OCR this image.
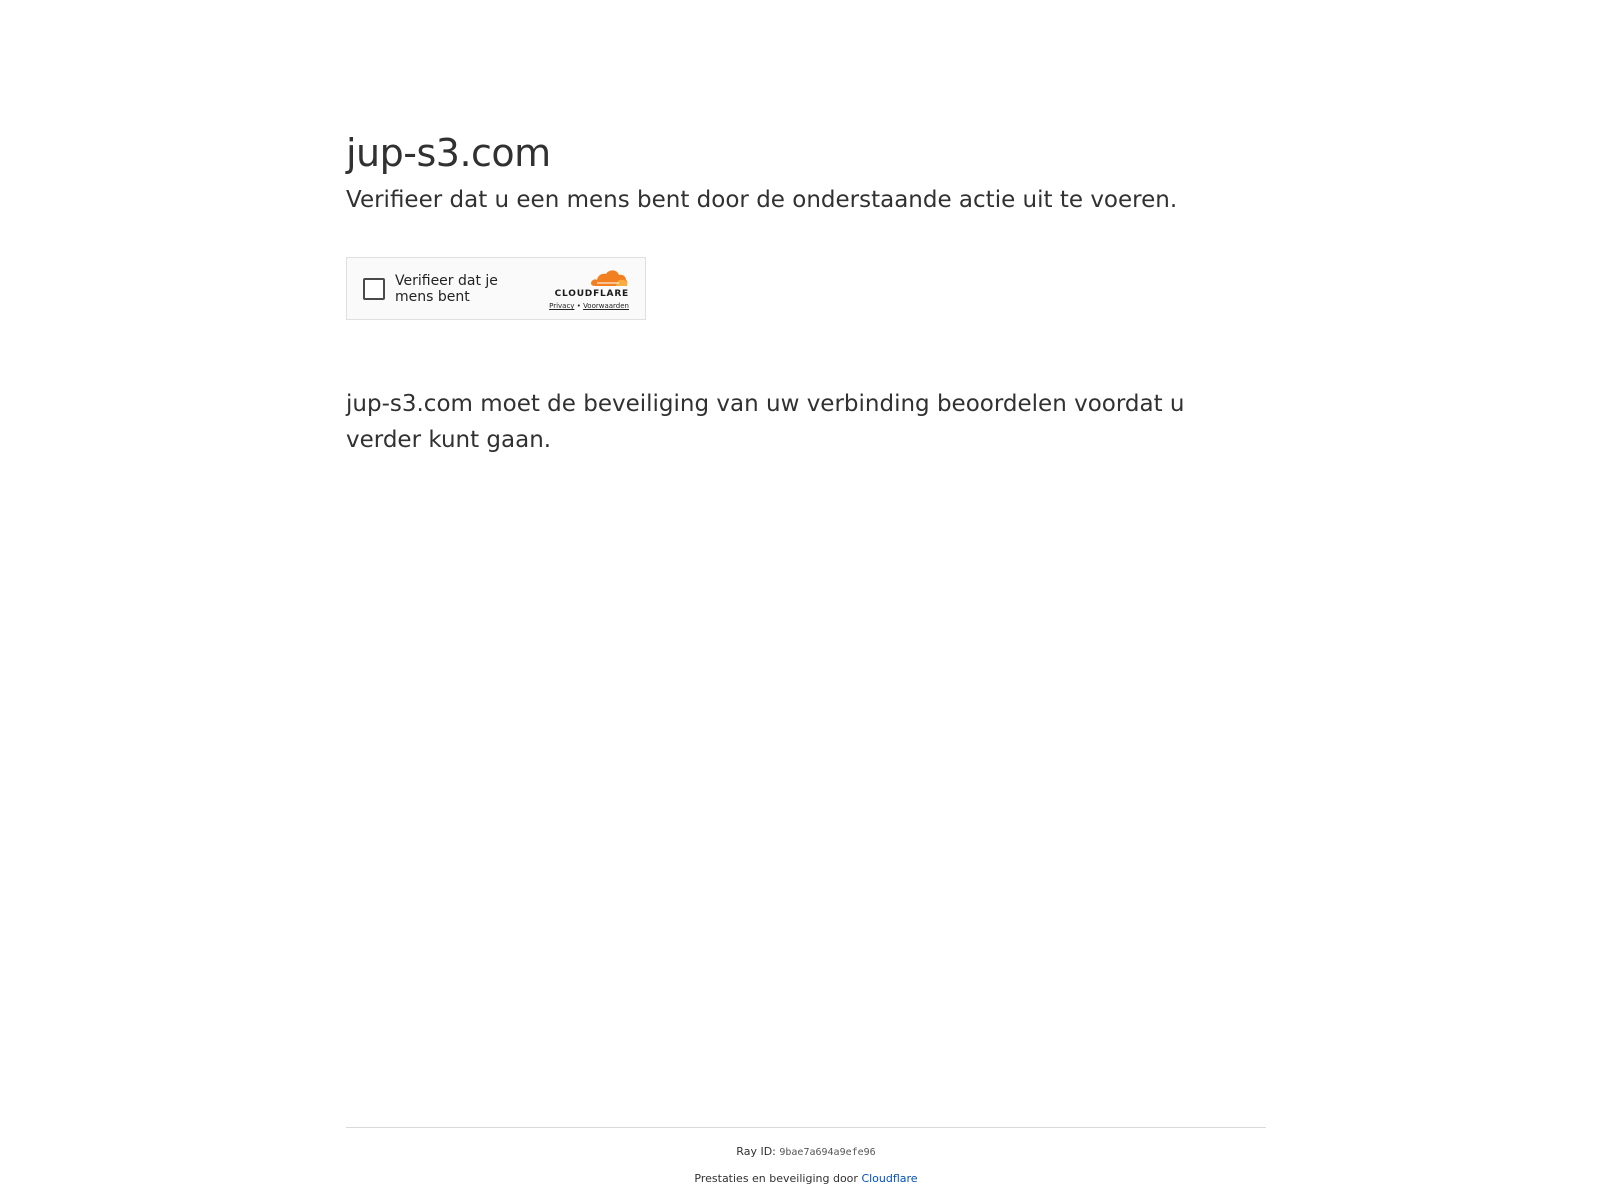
jup-s3.com

Verifieer dat u een mens bent door de onderstaande actie uit te voeren.

Verifieer dat je mens bent	CLOUDFLARE
Privacy • Voorwaarden

jup-s3.com moet de beveiliging van uw verbinding beoordelen voordat u verder kunt gaan.

Ray ID: 9bae7a694a9efe96
Prestaties en beveiliging door Cloudflare
